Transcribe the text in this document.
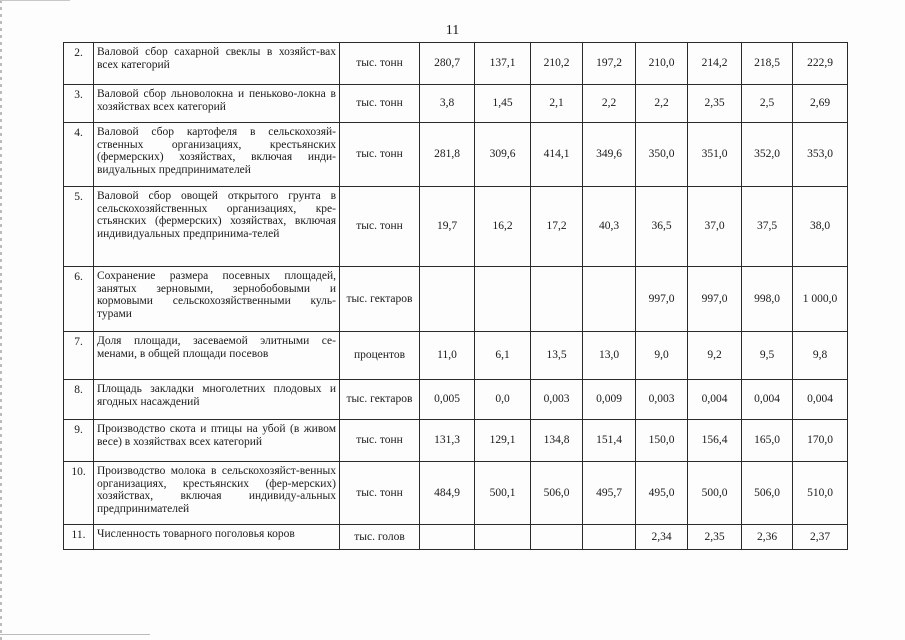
11
2.	Валовой сбор сахарной свеклы в хозяйст-вах всех категорий	тыс. тонн	280,7	137,1	210,2	197,2	210,0	214,2	218,5	222,9
3.	Валовой сбор льноволокна и пеньково-локна в хозяйствах всех категорий	тыс. тонн	3,8	1,45	2,1	2,2	2,2	2,35	2,5	2,69
4.	Валовой сбор картофеля в сельскохозяй-ственных организациях, крестьянских (фермерских) хозяйствах, включая инди-видуальных предпринимателей	тыс. тонн	281,8	309,6	414,1	349,6	350,0	351,0	352,0	353,0
5.	Валовой сбор овощей открытого грунта в сельскохозяйственных организациях, кре-стьянских (фермерских) хозяйствах, включая индивидуальных предпринима-телей	тыс. тонн	19,7	16,2	17,2	40,3	36,5	37,0	37,5	38,0
6.	Сохранение размера посевных площадей, занятых зерновыми, зернобобовыми и кормовыми сельскохозяйственными куль-турами	тыс. гектаров					997,0	997,0	998,0	1 000,0
7.	Доля площади, засеваемой элитными се-менами, в общей площади посевов	процентов	11,0	6,1	13,5	13,0	9,0	9,2	9,5	9,8
8.	Площадь закладки многолетних плодовых и ягодных насаждений	тыс. гектаров	0,005	0,0	0,003	0,009	0,003	0,004	0,004	0,004
9.	Производство скота и птицы на убой (в живом весе) в хозяйствах всех категорий	тыс. тонн	131,3	129,1	134,8	151,4	150,0	156,4	165,0	170,0
10.	Производство молока в сельскохозяйст-венных организациях, крестьянских (фер-мерских) хозяйствах, включая индивиду-альных предпринимателей	тыс. тонн	484,9	500,1	506,0	495,7	495,0	500,0	506,0	510,0
11.	Численность товарного поголовья коров	тыс. голов					2,34	2,35	2,36	2,37
